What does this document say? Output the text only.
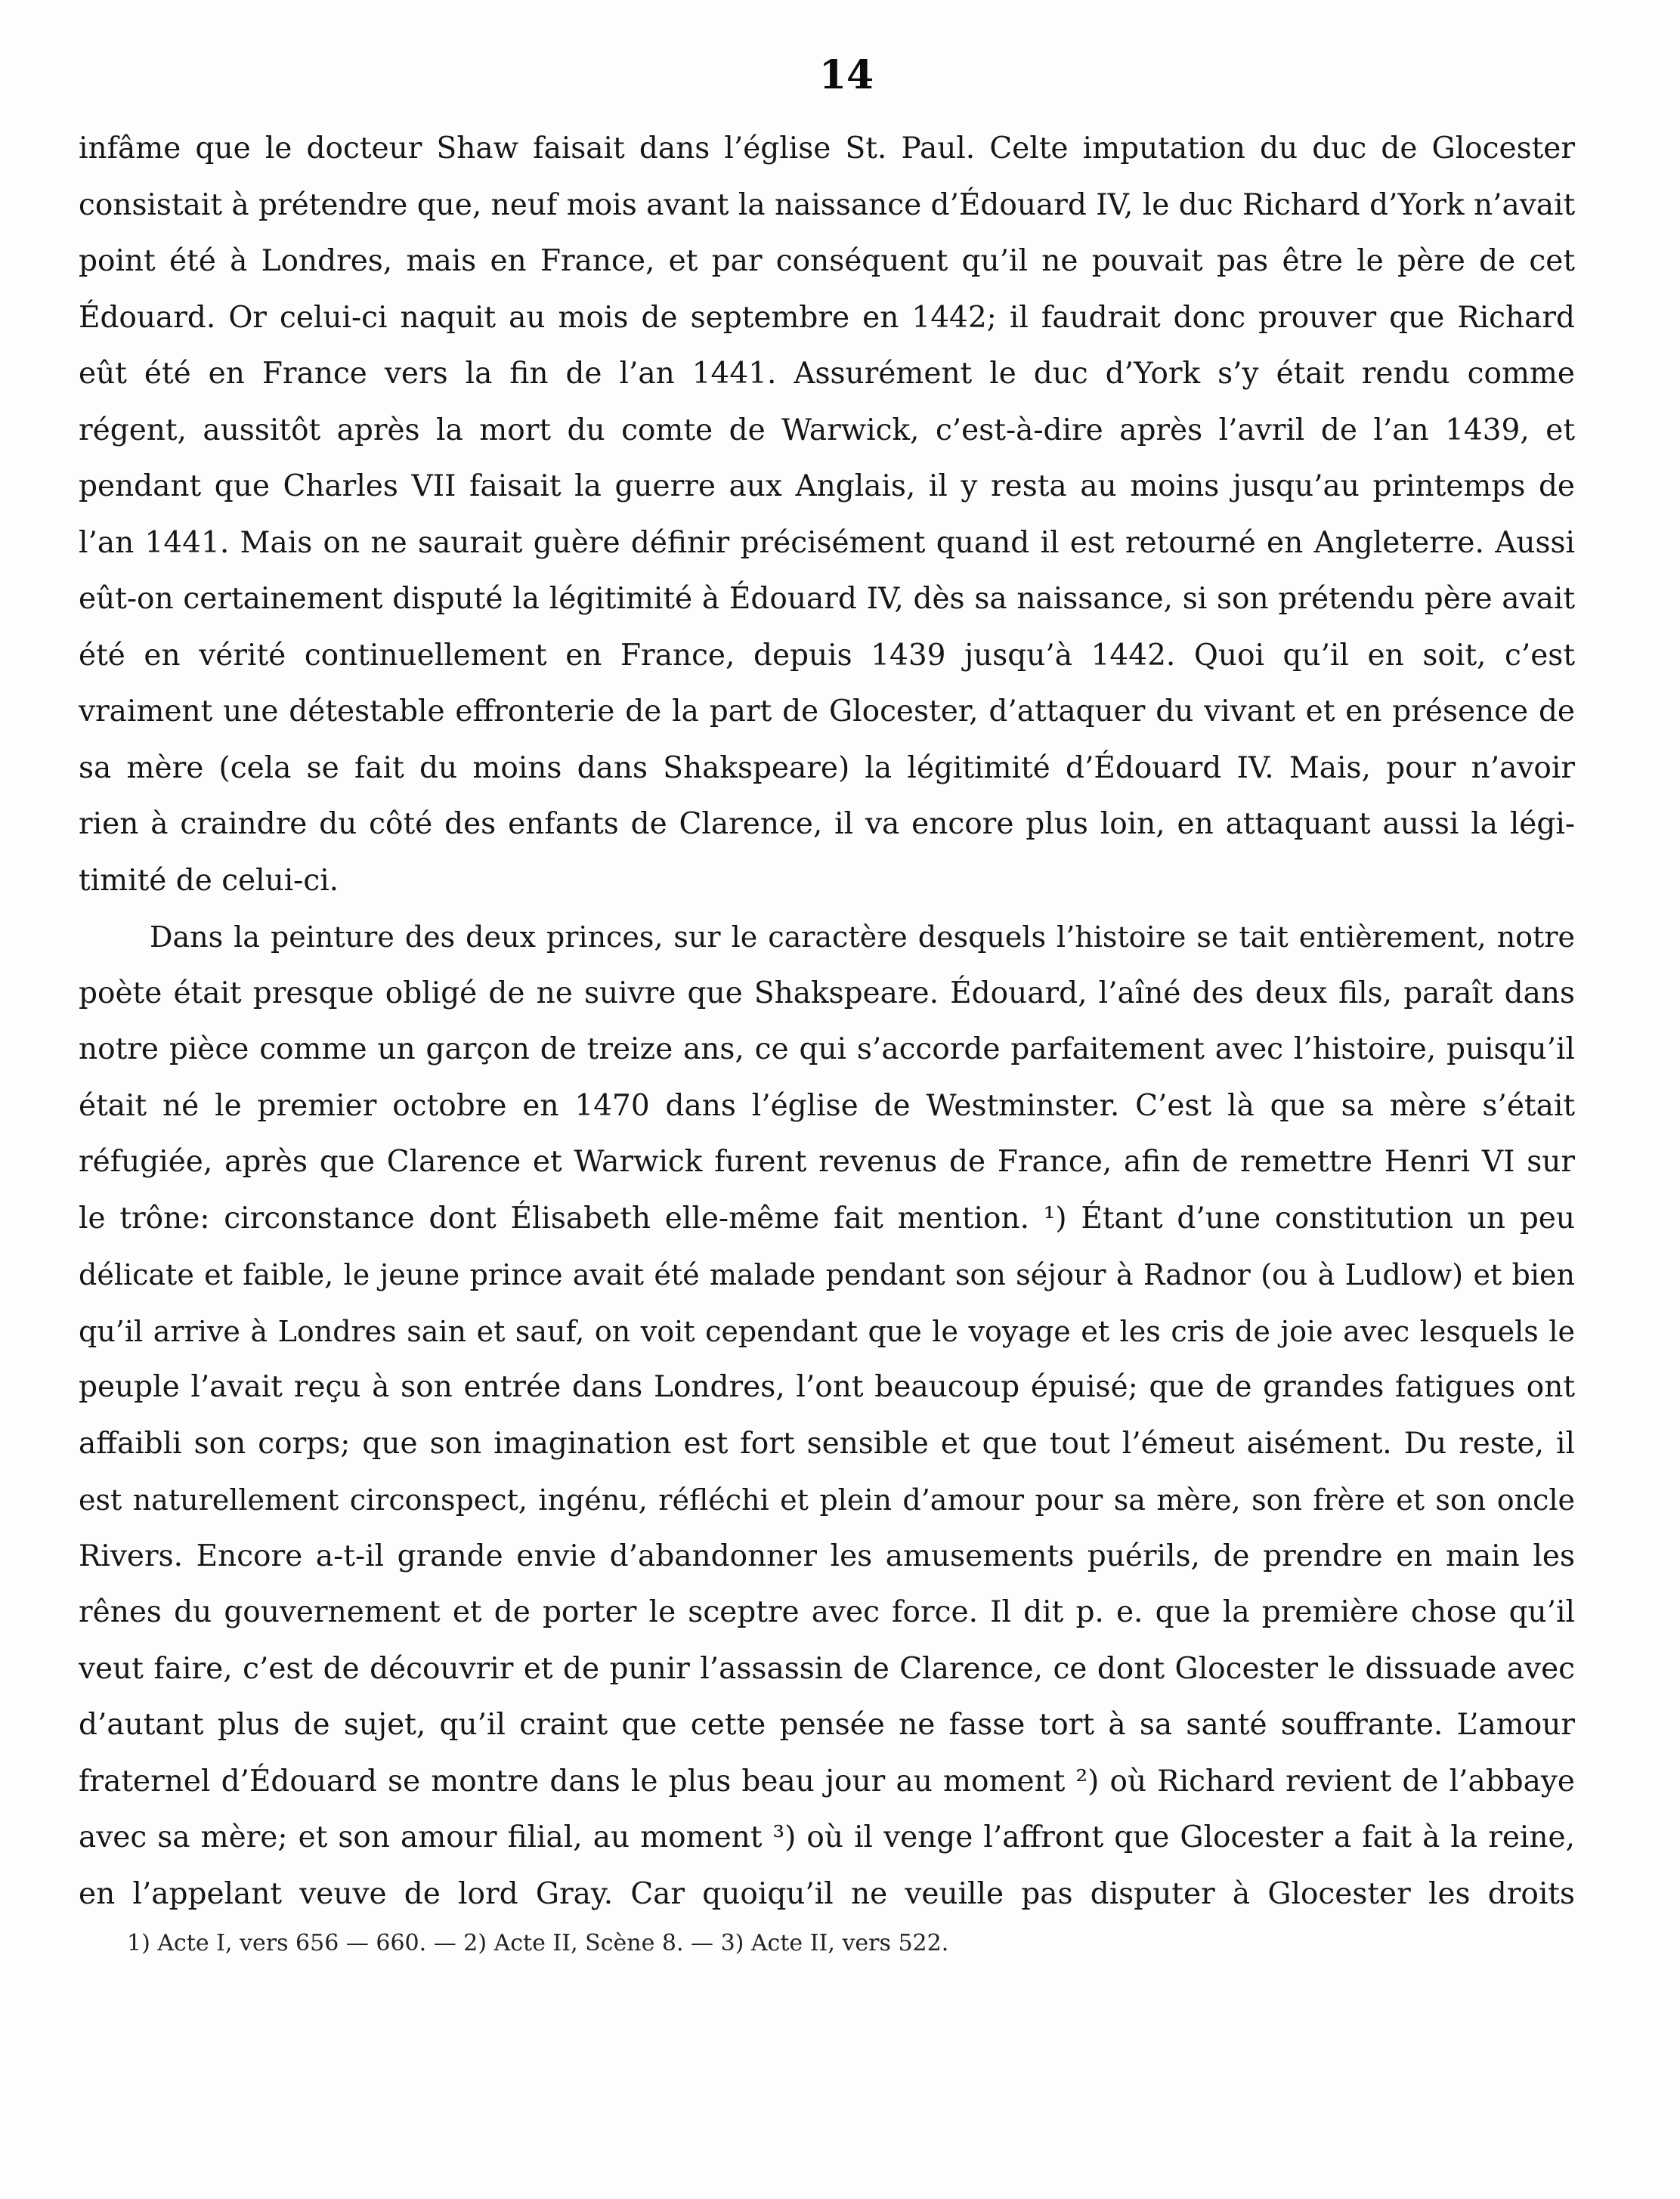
14
infâme que le docteur Shaw faisait dans l’église St. Paul. Celte imputation du duc de Glocester
consistait à prétendre que, neuf mois avant la naissance d’Édouard IV, le duc Richard d’York n’avait
point été à Londres, mais en France, et par conséquent qu’il ne pouvait pas être le père de cet
Édouard. Or celui-ci naquit au mois de septembre en 1442; il faudrait donc prouver que Richard
eût été en France vers la fin de l’an 1441. Assurément le duc d’York s’y était rendu comme
régent, aussitôt après la mort du comte de Warwick, c’est-à-dire après l’avril de l’an 1439, et
pendant que Charles VII faisait la guerre aux Anglais, il y resta au moins jusqu’au printemps de
l’an 1441. Mais on ne saurait guère définir précisément quand il est retourné en Angleterre. Aussi
eût-on certainement disputé la légitimité à Édouard IV, dès sa naissance, si son prétendu père avait
été en vérité continuellement en France, depuis 1439 jusqu’à 1442. Quoi qu’il en soit, c’est
vraiment une détestable effronterie de la part de Glocester, d’attaquer du vivant et en présence de
sa mère (cela se fait du moins dans Shakspeare) la légitimité d’Édouard IV. Mais, pour n’avoir
rien à craindre du côté des enfants de Clarence, il va encore plus loin, en attaquant aussi la légi-
timité de celui-ci.
Dans la peinture des deux princes, sur le caractère desquels l’histoire se tait entièrement, notre
poète était presque obligé de ne suivre que Shakspeare. Édouard, l’aîné des deux fils, paraît dans
notre pièce comme un garçon de treize ans, ce qui s’accorde parfaitement avec l’histoire, puisqu’il
était né le premier octobre en 1470 dans l’église de Westminster. C’est là que sa mère s’était
réfugiée, après que Clarence et Warwick furent revenus de France, afin de remettre Henri VI sur
le trône: circonstance dont Élisabeth elle-même fait mention. ¹) Étant d’une constitution un peu
délicate et faible, le jeune prince avait été malade pendant son séjour à Radnor (ou à Ludlow) et bien
qu’il arrive à Londres sain et sauf, on voit cependant que le voyage et les cris de joie avec lesquels le
peuple l’avait reçu à son entrée dans Londres, l’ont beaucoup épuisé; que de grandes fatigues ont
affaibli son corps; que son imagination est fort sensible et que tout l’émeut aisément. Du reste, il
est naturellement circonspect, ingénu, réfléchi et plein d’amour pour sa mère, son frère et son oncle
Rivers. Encore a-t-il grande envie d’abandonner les amusements puérils, de prendre en main les
rênes du gouvernement et de porter le sceptre avec force. Il dit p. e. que la première chose qu’il
veut faire, c’est de découvrir et de punir l’assassin de Clarence, ce dont Glocester le dissuade avec
d’autant plus de sujet, qu’il craint que cette pensée ne fasse tort à sa santé souffrante. L’amour
fraternel d’Édouard se montre dans le plus beau jour au moment ²) où Richard revient de l’abbaye
avec sa mère; et son amour filial, au moment ³) où il venge l’affront que Glocester a fait à la reine,
en l’appelant veuve de lord Gray. Car quoiqu’il ne veuille pas disputer à Glocester les droits
1) Acte I, vers 656 — 660. — 2) Acte II, Scène 8. — 3) Acte II, vers 522.
